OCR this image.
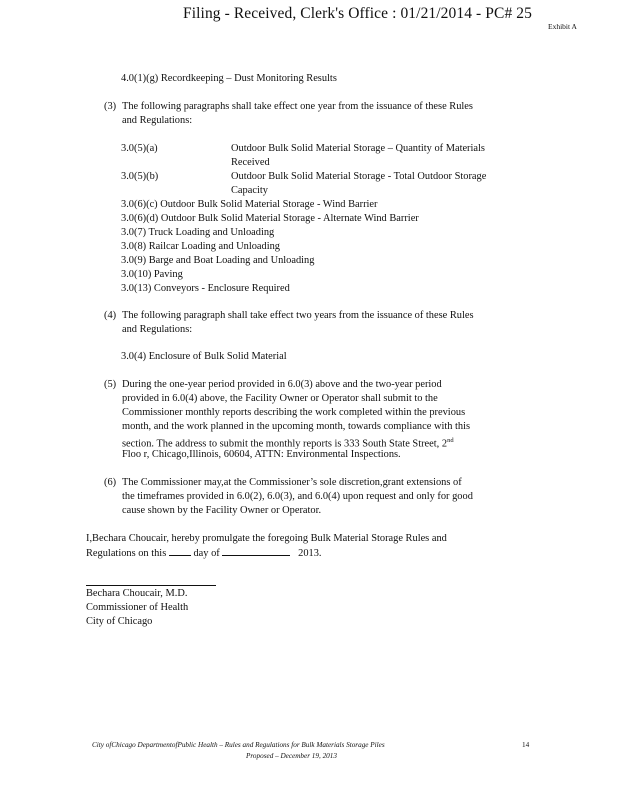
Filing - Received, Clerk's Office : 01/21/2014 - PC# 25
Exhibit A
4.0(1)(g) Recordkeeping – Dust Monitoring Results
(3) The following paragraphs shall take effect one year from the issuance of these Rules
and Regulations:
3.0(5)(a)	Outdoor Bulk Solid Material Storage – Quantity of Materials
Received
3.0(5)(b)	Outdoor Bulk Solid Material Storage - Total Outdoor Storage
Capacity
3.0(6)(c) Outdoor Bulk Solid Material Storage - Wind Barrier
3.0(6)(d) Outdoor Bulk Solid Material Storage - Alternate Wind Barrier
3.0(7) Truck Loading and Unloading
3.0(8) Railcar Loading and Unloading
3.0(9) Barge and Boat Loading and Unloading
3.0(10) Paving
3.0(13) Conveyors - Enclosure Required
(4) The following paragraph shall take effect two years from the issuance of these Rules
and Regulations:
3.0(4) Enclosure of Bulk Solid Material
(5) During the one-year period provided in 6.0(3) above and the two-year period
provided in 6.0(4) above, the Facility Owner or Operator shall submit to the
Commissioner monthly reports describing the work completed within the previous
month, and the work planned in the upcoming month, towards compliance with this
section. The address to submit the monthly reports is 333 South State Street, 2nd
Floo r, Chicago,Illinois, 60604, ATTN: Environmental Inspections.
(6) The Commissioner may,at the Commissioner’s sole discretion,grant extensions of
the timeframes provided in 6.0(2), 6.0(3), and 6.0(4) upon request and only for good
cause shown by the Facility Owner or Operator.
I,Bechara Choucair, hereby promulgate the foregoing Bulk Material Storage Rules and
Regulations on this	day of	2013.
Bechara Choucair, M.D.
Commissioner of Health
City of Chicago
City ofChicago DepartmentofPublic Health – Rules and Regulations for Bulk Materials Storage Piles
Proposed – December 19, 2013
14
